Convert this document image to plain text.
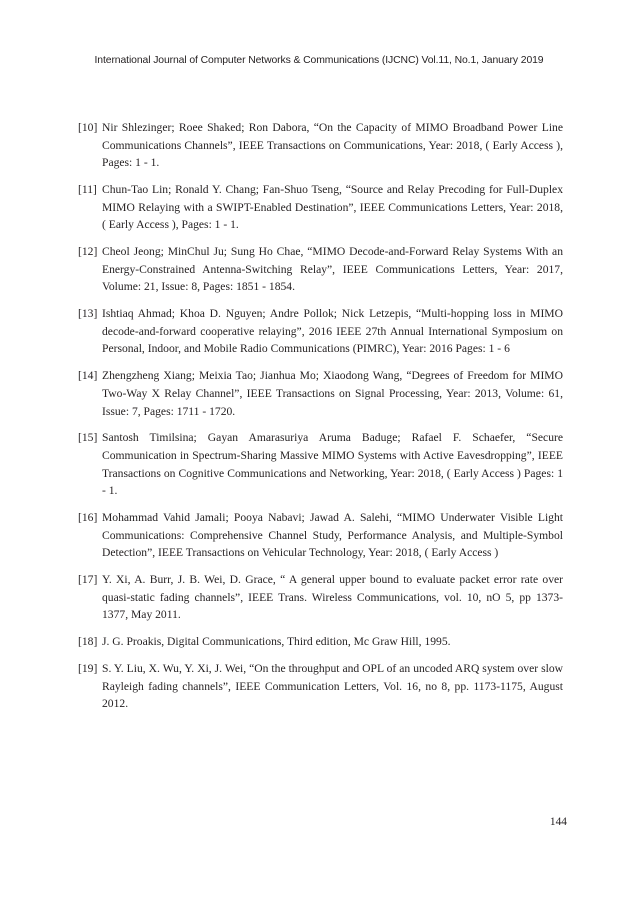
International Journal of Computer Networks & Communications (IJCNC) Vol.11, No.1, January 2019
[10] Nir Shlezinger; Roee Shaked; Ron Dabora, “On the Capacity of MIMO Broadband Power Line Communications Channels”, IEEE Transactions on Communications, Year: 2018, ( Early Access ), Pages: 1 - 1.
[11] Chun-Tao Lin; Ronald Y. Chang; Fan-Shuo Tseng, “Source and Relay Precoding for Full-Duplex MIMO Relaying with a SWIPT-Enabled Destination”, IEEE Communications Letters, Year: 2018, ( Early Access ), Pages: 1 - 1.
[12] Cheol Jeong; MinChul Ju; Sung Ho Chae, “MIMO Decode-and-Forward Relay Systems With an Energy-Constrained Antenna-Switching Relay”, IEEE Communications Letters, Year: 2017, Volume: 21, Issue: 8, Pages: 1851 - 1854.
[13] Ishtiaq Ahmad; Khoa D. Nguyen; Andre Pollok; Nick Letzepis, “Multi-hopping loss in MIMO decode-and-forward cooperative relaying”, 2016 IEEE 27th Annual International Symposium on Personal, Indoor, and Mobile Radio Communications (PIMRC), Year: 2016 Pages: 1 - 6
[14] Zhengzheng Xiang; Meixia Tao; Jianhua Mo; Xiaodong Wang, “Degrees of Freedom for MIMO Two-Way X Relay Channel”, IEEE Transactions on Signal Processing, Year: 2013, Volume: 61, Issue: 7, Pages: 1711 - 1720.
[15] Santosh Timilsina; Gayan Amarasuriya Aruma Baduge; Rafael F. Schaefer, “Secure Communication in Spectrum-Sharing Massive MIMO Systems with Active Eavesdropping”, IEEE Transactions on Cognitive Communications and Networking, Year: 2018, ( Early Access ) Pages: 1 - 1.
[16] Mohammad Vahid Jamali; Pooya Nabavi; Jawad A. Salehi, “MIMO Underwater Visible Light Communications: Comprehensive Channel Study, Performance Analysis, and Multiple-Symbol Detection”, IEEE Transactions on Vehicular Technology, Year: 2018, ( Early Access )
[17] Y. Xi, A. Burr, J. B. Wei, D. Grace, “ A general upper bound to evaluate packet error rate over quasi-static fading channels”, IEEE Trans. Wireless Communications, vol. 10, nO 5, pp 1373-1377, May 2011.
[18] J. G. Proakis, Digital Communications, Third edition, Mc Graw Hill, 1995.
[19] S. Y. Liu, X. Wu, Y. Xi, J. Wei, “On the throughput and OPL of an uncoded ARQ system over slow Rayleigh fading channels”, IEEE Communication Letters, Vol. 16, no 8, pp. 1173-1175, August 2012.
144
